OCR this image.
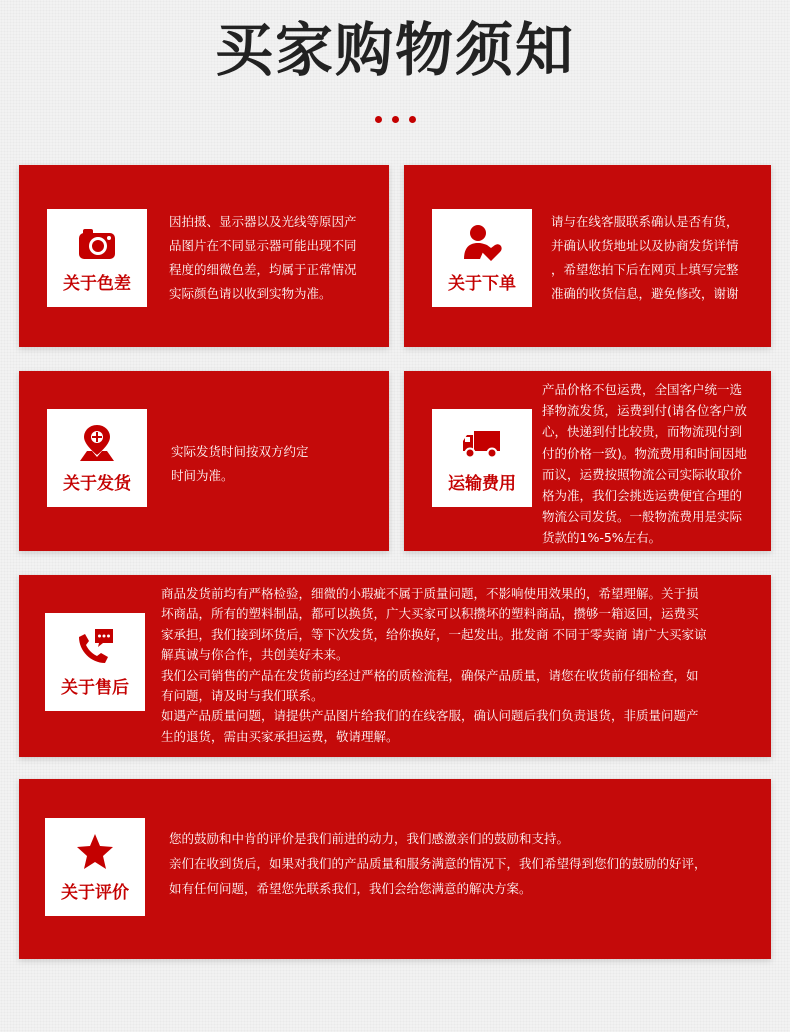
买家购物须知
关于色差

因拍摄、显示器以及光线等原因产

品图片在不同显示器可能出现不同

程度的细微色差，均属于正常情况

实际颜色请以收到实物为准。	关于下单

请与在线客服联系确认是否有货，

并确认收货地址以及协商发货详情

，希望您拍下后在网页上填写完整

准确的收货信息，避免修改，谢谢

关于发货

实际发货时间按双方约定

时间为准。	运输费用

产品价格不包运费，全国客户统一选

择物流发货，运费到付(请各位客户放

心，快递到付比较贵，而物流现付到

付的价格一致)。物流费用和时间因地

而议，运费按照物流公司实际收取价

格为准，我们会挑选运费便宜合理的

物流公司发货。一般物流费用是实际

货款的1%-5%左右。

关于售后

商品发货前均有严格检验，细微的小瑕疵不属于质量问题，不影响使用效果的，希望理解。关于损

坏商品，所有的塑料制品，都可以换货，广大买家可以积攒坏的塑料商品，攒够一箱返回，运费买

家承担，我们接到坏货后，等下次发货，给你换好，一起发出。批发商 不同于零卖商 请广大买家谅

解真诚与你合作，共创美好未来。

我们公司销售的产品在发货前均经过严格的质检流程，确保产品质量，请您在收货前仔细检查，如

有问题，请及时与我们联系。

如遇产品质量问题，请提供产品图片给我们的在线客服，确认问题后我们负责退货，非质量问题产

生的退货，需由买家承担运费，敬请理解。

关于评价

您的鼓励和中肯的评价是我们前进的动力，我们感激亲们的鼓励和支持。

亲们在收到货后，如果对我们的产品质量和服务满意的情况下，我们希望得到您们的鼓励的好评，

如有任何问题，希望您先联系我们，我们会给您满意的解决方案。
